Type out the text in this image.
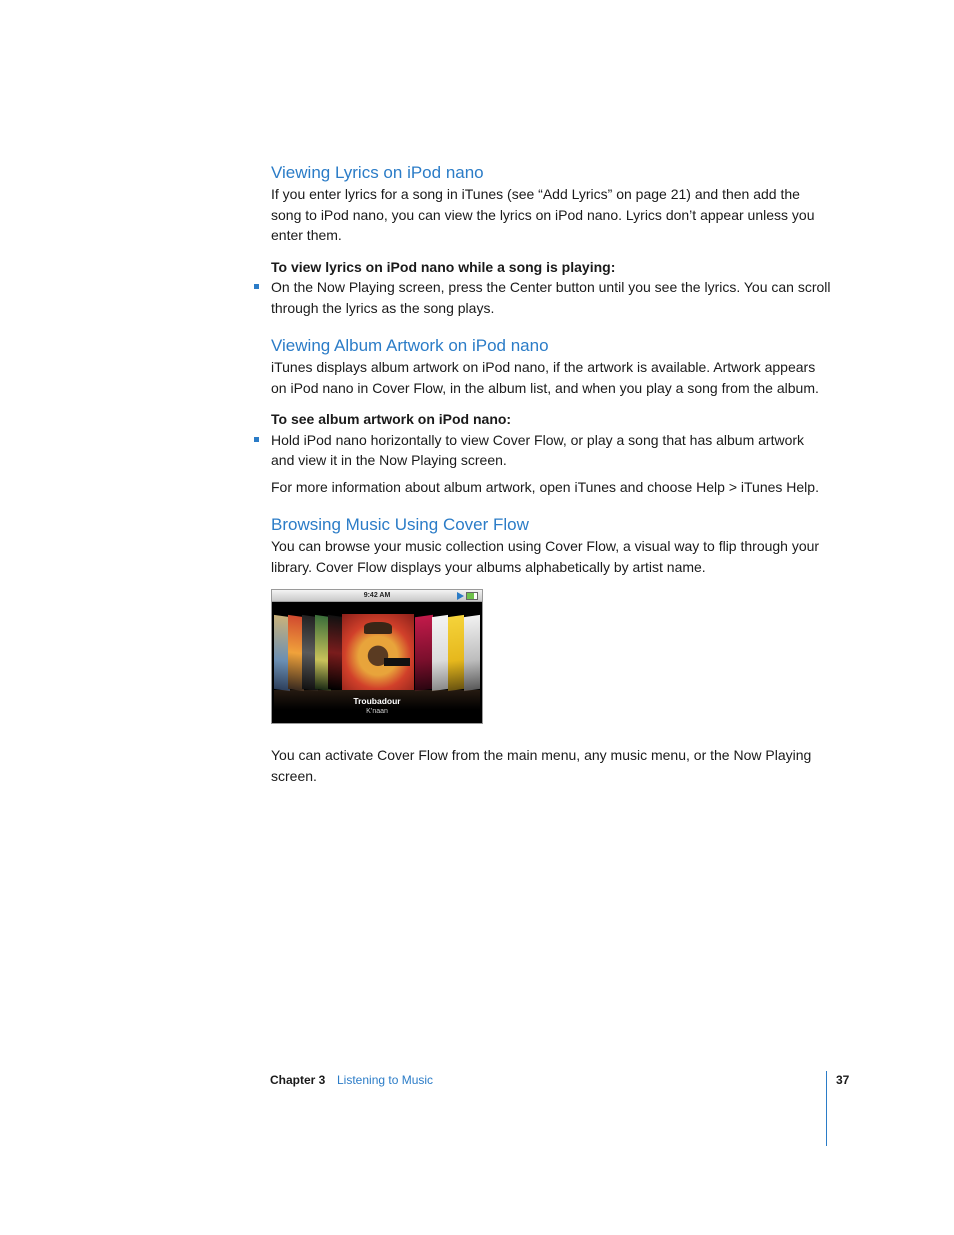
Viewing Lyrics on iPod nano

If you enter lyrics for a song in iTunes (see “Add Lyrics” on page 21) and then add the song to iPod nano, you can view the lyrics on iPod nano. Lyrics don’t appear unless you enter them.

To view lyrics on iPod nano while a song is playing:

On the Now Playing screen, press the Center button until you see the lyrics. You can scroll through the lyrics as the song plays.
Viewing Album Artwork on iPod nano

iTunes displays album artwork on iPod nano, if the artwork is available. Artwork appears on iPod nano in Cover Flow, in the album list, and when you play a song from the album.

To see album artwork on iPod nano:

Hold iPod nano horizontally to view Cover Flow, or play a song that has album artwork and view it in the Now Playing screen.

For more information about album artwork, open iTunes and choose Help > iTunes Help.

Browsing Music Using Cover Flow

You can browse your music collection using Cover Flow, a visual way to flip through your library. Cover Flow displays your albums alphabetically by artist name.

9:42 AM
Troubadour
K’naan

You can activate Cover Flow from the main menu, any music menu, or the Now Playing screen.

Chapter 3 Listening to Music	37
